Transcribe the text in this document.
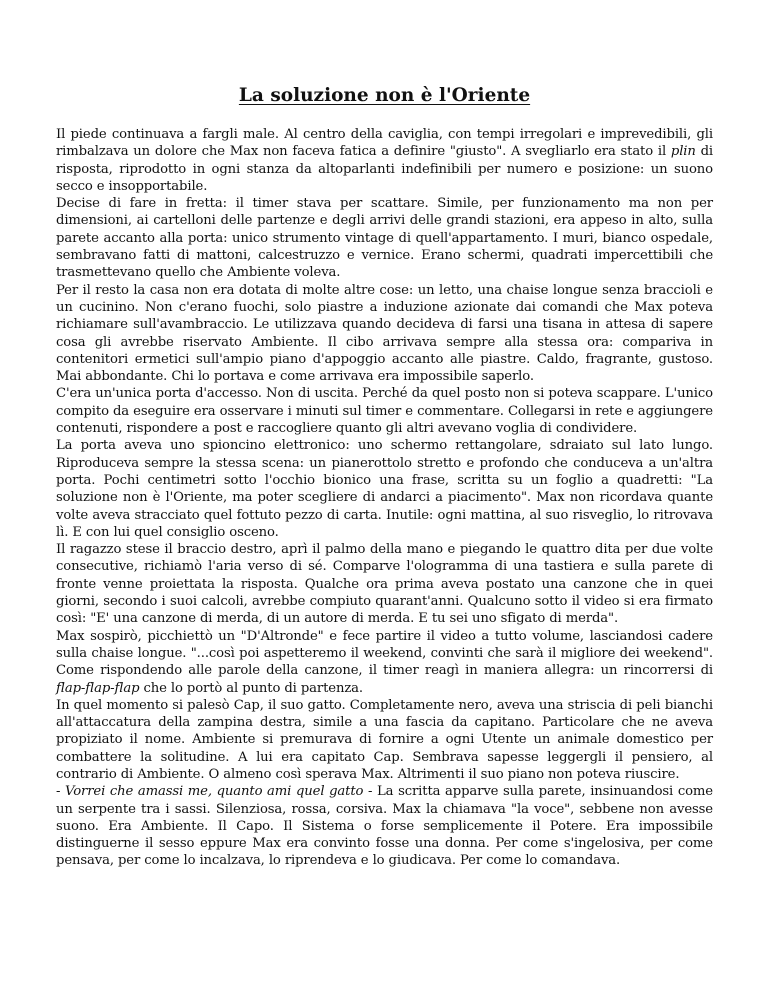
La soluzione non è l'Oriente

Il piede continuava a fargli male. Al centro della caviglia, con tempi irregolari e imprevedibili, gli rimbalzava un dolore che Max non faceva fatica a definire "giusto". A svegliarlo era stato il plin di risposta, riprodotto in ogni stanza da altoparlanti indefinibili per numero e posizione: un suono secco e insopportabile.

Decise di fare in fretta: il timer stava per scattare. Simile, per funzionamento ma non per dimensioni, ai cartelloni delle partenze e degli arrivi delle grandi stazioni, era appeso in alto, sulla parete accanto alla porta: unico strumento vintage di quell'appartamento. I muri, bianco ospedale, sembravano fatti di mattoni, calcestruzzo e vernice. Erano schermi, quadrati impercettibili che trasmettevano quello che Ambiente voleva.

Per il resto la casa non era dotata di molte altre cose: un letto, una chaise longue senza braccioli e un cucinino. Non c'erano fuochi, solo piastre a induzione azionate dai comandi che Max poteva richiamare sull'avambraccio. Le utilizzava quando decideva di farsi una tisana in attesa di sapere cosa gli avrebbe riservato Ambiente. Il cibo arrivava sempre alla stessa ora: compariva in contenitori ermetici sull'ampio piano d'appoggio accanto alle piastre. Caldo, fragrante, gustoso. Mai abbondante. Chi lo portava e come arrivava era impossibile saperlo.

C'era un'unica porta d'accesso. Non di uscita. Perché da quel posto non si poteva scappare. L'unico compito da eseguire era osservare i minuti sul timer e commentare. Collegarsi in rete e aggiungere contenuti, rispondere a post e raccogliere quanto gli altri avevano voglia di condividere.

La porta aveva uno spioncino elettronico: uno schermo rettangolare, sdraiato sul lato lungo. Riproduceva sempre la stessa scena: un pianerottolo stretto e profondo che conduceva a un'altra porta. Pochi centimetri sotto l'occhio bionico una frase, scritta su un foglio a quadretti: "La soluzione non è l'Oriente, ma poter scegliere di andarci a piacimento". Max non ricordava quante volte aveva stracciato quel fottuto pezzo di carta. Inutile: ogni mattina, al suo risveglio, lo ritrovava lì. E con lui quel consiglio osceno.

Il ragazzo stese il braccio destro, aprì il palmo della mano e piegando le quattro dita per due volte consecutive, richiamò l'aria verso di sé. Comparve l'ologramma di una tastiera e sulla parete di fronte venne proiettata la risposta. Qualche ora prima aveva postato una canzone che in quei giorni, secondo i suoi calcoli, avrebbe compiuto quarant'anni. Qualcuno sotto il video si era firmato così: "E' una canzone di merda, di un autore di merda. E tu sei uno sfigato di merda".

Max sospirò, picchiettò un "D'Altronde" e fece partire il video a tutto volume, lasciandosi cadere sulla chaise longue. "...così poi aspetteremo il weekend, convinti che sarà il migliore dei weekend". Come rispondendo alle parole della canzone, il timer reagì in maniera allegra: un rincorrersi di flap-flap-flap che lo portò al punto di partenza.

In quel momento si palesò Cap, il suo gatto. Completamente nero, aveva una striscia di peli bianchi all'attaccatura della zampina destra, simile a una fascia da capitano. Particolare che ne aveva propiziato il nome. Ambiente si premurava di fornire a ogni Utente un animale domestico per combattere la solitudine. A lui era capitato Cap. Sembrava sapesse leggergli il pensiero, al contrario di Ambiente. O almeno così sperava Max. Altrimenti il suo piano non poteva riuscire.

- Vorrei che amassi me, quanto ami quel gatto - La scritta apparve sulla parete, insinuandosi come un serpente tra i sassi. Silenziosa, rossa, corsiva. Max la chiamava "la voce", sebbene non avesse suono. Era Ambiente. Il Capo. Il Sistema o forse semplicemente il Potere. Era impossibile distinguerne il sesso eppure Max era convinto fosse una donna. Per come s'ingelosiva, per come pensava, per come lo incalzava, lo riprendeva e lo giudicava. Per come lo comandava.
